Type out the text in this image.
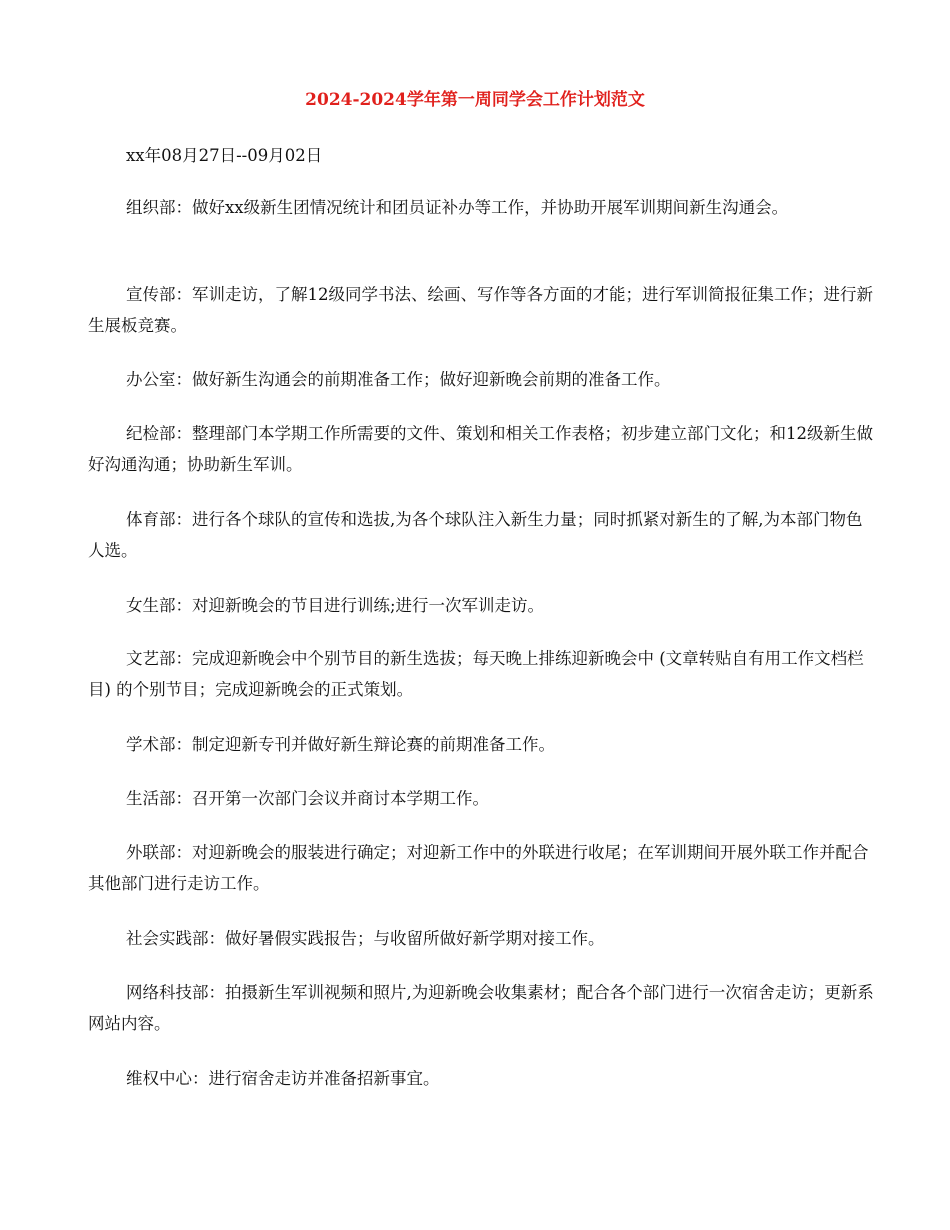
2024-2024学年第一周同学会工作计划范文

xx年08月27日--09月02日

组织部：做好xx级新生团情况统计和团员证补办等工作，并协助开展军训期间新生沟通会。

宣传部：军训走访，了解12级同学书法、绘画、写作等各方面的才能；进行军训简报征集工作；进行新生展板竞赛。

办公室：做好新生沟通会的前期准备工作；做好迎新晚会前期的准备工作。

纪检部：整理部门本学期工作所需要的文件、策划和相关工作表格；初步建立部门文化；和12级新生做好沟通沟通；协助新生军训。

体育部：进行各个球队的宣传和选拔,为各个球队注入新生力量；同时抓紧对新生的了解,为本部门物色人选。

女生部：对迎新晚会的节目进行训练;进行一次军训走访。

文艺部：完成迎新晚会中个别节目的新生选拔；每天晚上排练迎新晚会中 (文章转贴自有用工作文档栏目) 的个别节目；完成迎新晚会的正式策划。

学术部：制定迎新专刊并做好新生辩论赛的前期准备工作。

生活部：召开第一次部门会议并商讨本学期工作。

外联部：对迎新晚会的服装进行确定；对迎新工作中的外联进行收尾；在军训期间开展外联工作并配合其他部门进行走访工作。

社会实践部：做好暑假实践报告；与收留所做好新学期对接工作。

网络科技部：拍摄新生军训视频和照片,为迎新晚会收集素材；配合各个部门进行一次宿舍走访；更新系网站内容。

维权中心：进行宿舍走访并准备招新事宜。
